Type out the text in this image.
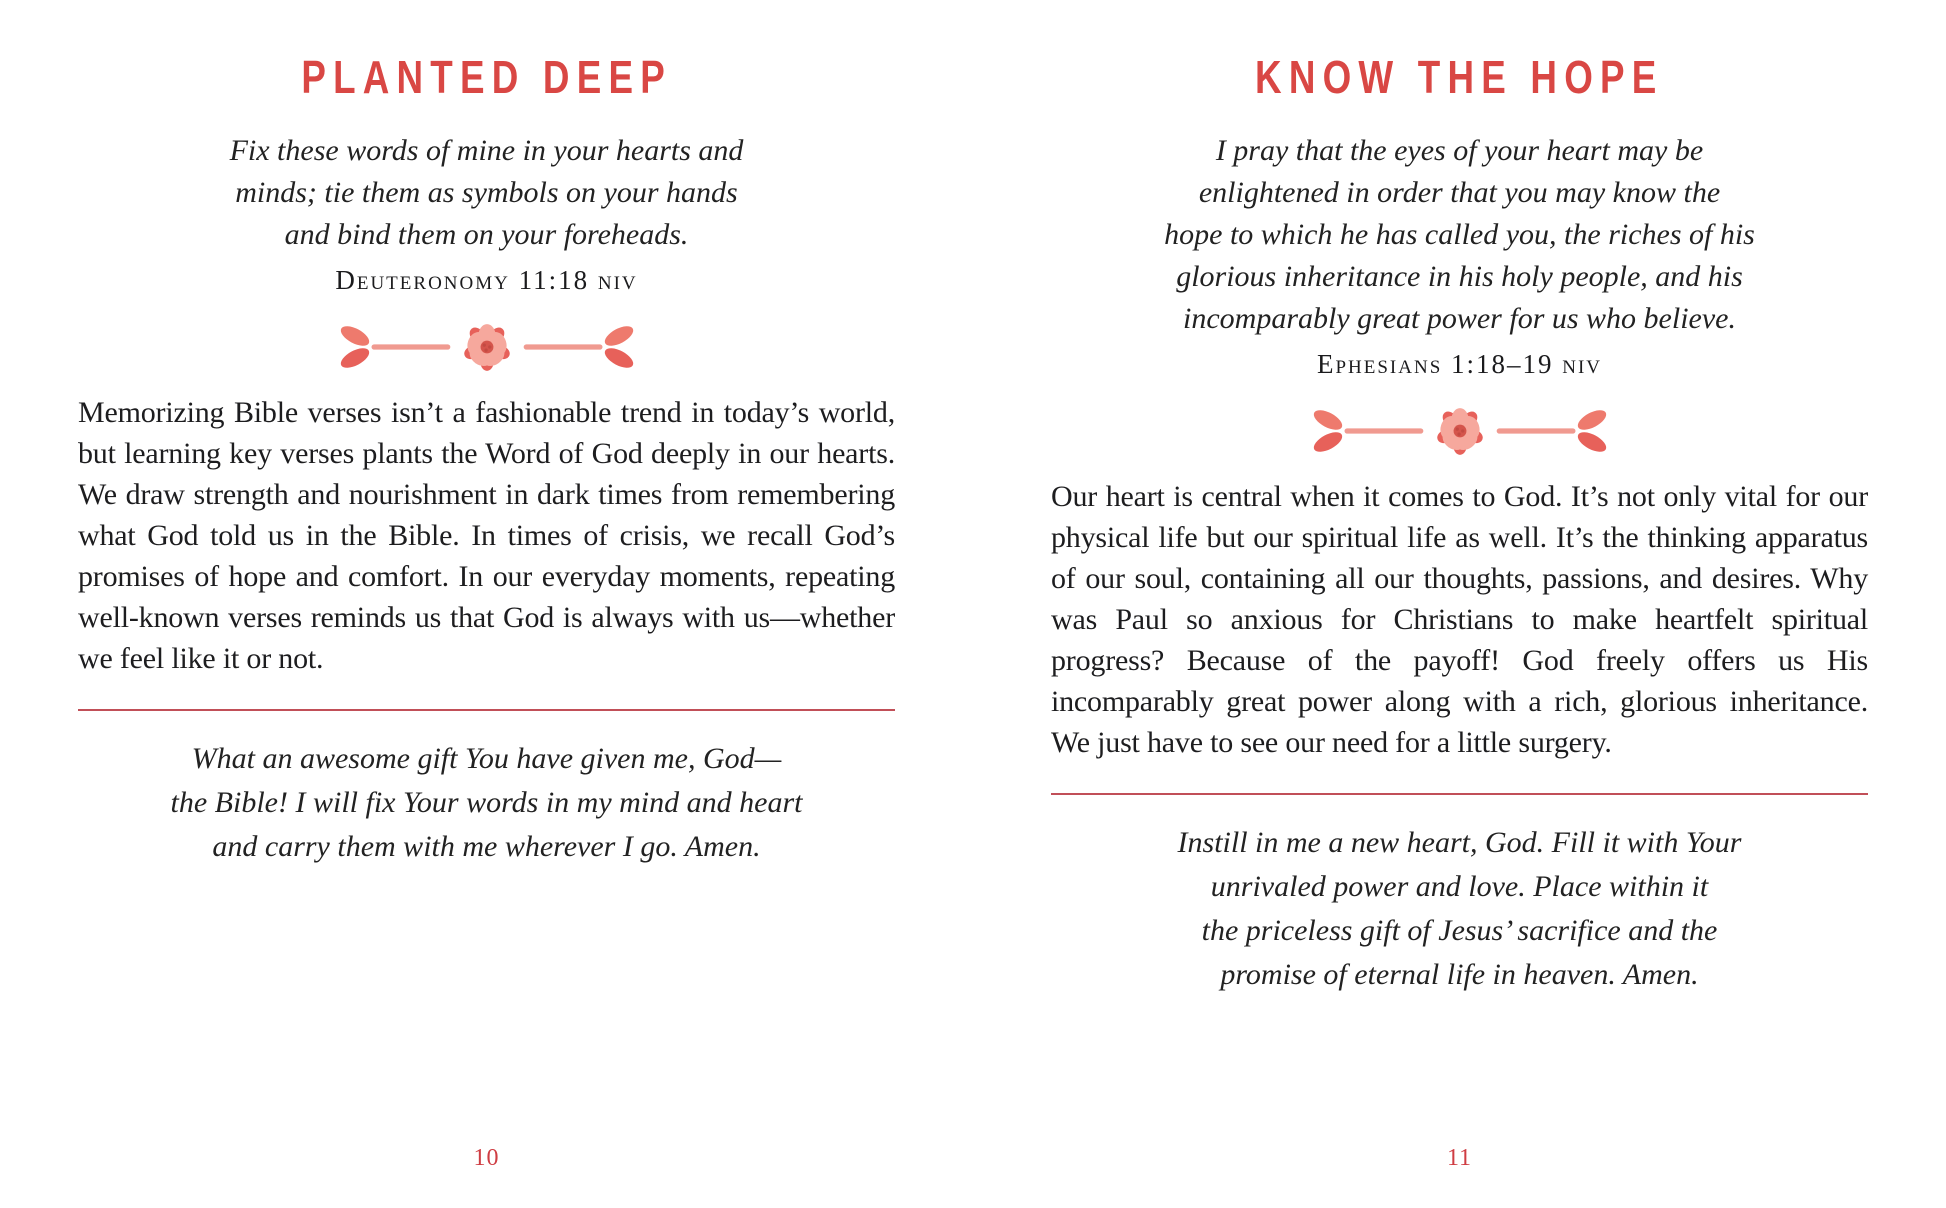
PLANTED DEEP
Fix these words of mine in your hearts and
minds; tie them as symbols on your hands
and bind them on your foreheads.
Deuteronomy 11:18 niv

Memorizing Bible verses isn’t a fashionable trend in today’s world, but learning key verses plants the Word of God deeply in our hearts. We draw strength and nourishment in dark times from remembering what God told us in the Bible. In times of crisis, we recall God’s promises of hope and comfort. In our everyday moments, repeating well-known verses reminds us that God is always with us—whether we feel like it or not.

What an awesome gift You have given me, God—
the Bible! I will fix Your words in my mind and heart
and carry them with me wherever I go. Amen.
10
KNOW THE HOPE
I pray that the eyes of your heart may be
enlightened in order that you may know the
hope to which he has called you, the riches of his
glorious inheritance in his holy people, and his
incomparably great power for us who believe.
Ephesians 1:18–19 niv

Our heart is central when it comes to God. It’s not only vital for our physical life but our spiritual life as well. It’s the thinking apparatus of our soul, containing all our thoughts, passions, and desires. Why was Paul so anxious for Christians to make heartfelt spiritual progress? Because of the payoff! God freely offers us His incomparably great power along with a rich, glorious inheritance. We just have to see our need for a little surgery.

Instill in me a new heart, God. Fill it with Your
unrivaled power and love. Place within it
the priceless gift of Jesus’ sacrifice and the
promise of eternal life in heaven. Amen.
11
